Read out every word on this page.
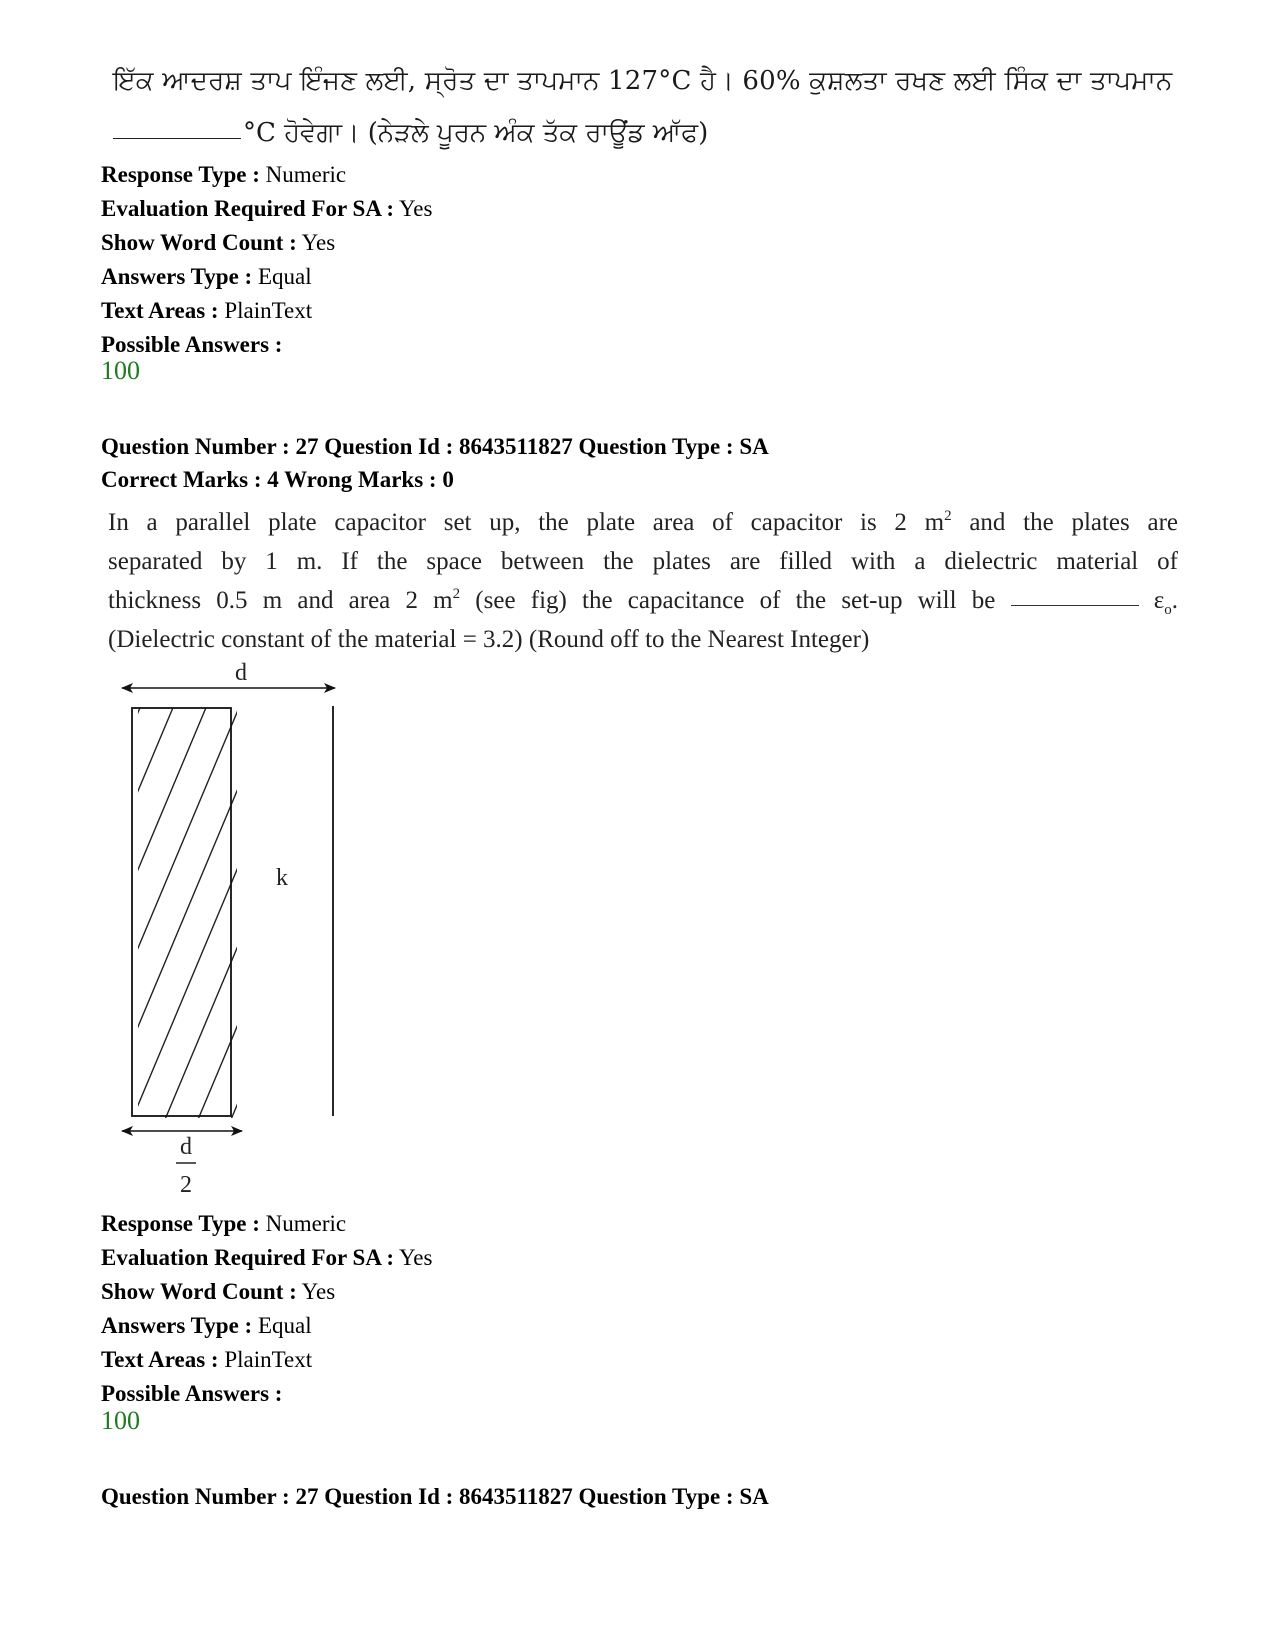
ਇੱਕ ਆਦਰਸ਼ ਤਾਪ ਇੰਜਣ ਲਈ, ਸ੍ਰੋਤ ਦਾ ਤਾਪਮਾਨ 127°C ਹੈ। 60% ਕੁਸ਼ਲਤਾ ਰਖਣ ਲਈ ਸਿੰਕ ਦਾ ਤਾਪਮਾਨ
°C ਹੋਵੇਗਾ। (ਨੇੜਲੇ ਪੂਰਨ ਅੰਕ ਤੱਕ ਰਾਊਂਡ ਆੱਫ)
Response Type : Numeric
Evaluation Required For SA : Yes
Show Word Count : Yes
Answers Type : Equal
Text Areas : PlainText
Possible Answers :
100
Question Number : 27 Question Id : 8643511827 Question Type : SA
Correct Marks : 4 Wrong Marks : 0
In a parallel plate capacitor set up, the plate area of capacitor is 2 $m^2$ and the plates are
separated by 1 m. If the space between the plates are filled with a dielectric material of
thickness 0.5 m and area 2 $m^2$ (see fig) the capacitance of the set-up will be	$\varepsilon_o$.
(Dielectric constant of the material = 3.2) (Round off to the Nearest Integer)
d
k
d
2
Response Type : Numeric
Evaluation Required For SA : Yes
Show Word Count : Yes
Answers Type : Equal
Text Areas : PlainText
Possible Answers :
100
Question Number : 27 Question Id : 8643511827 Question Type : SA
